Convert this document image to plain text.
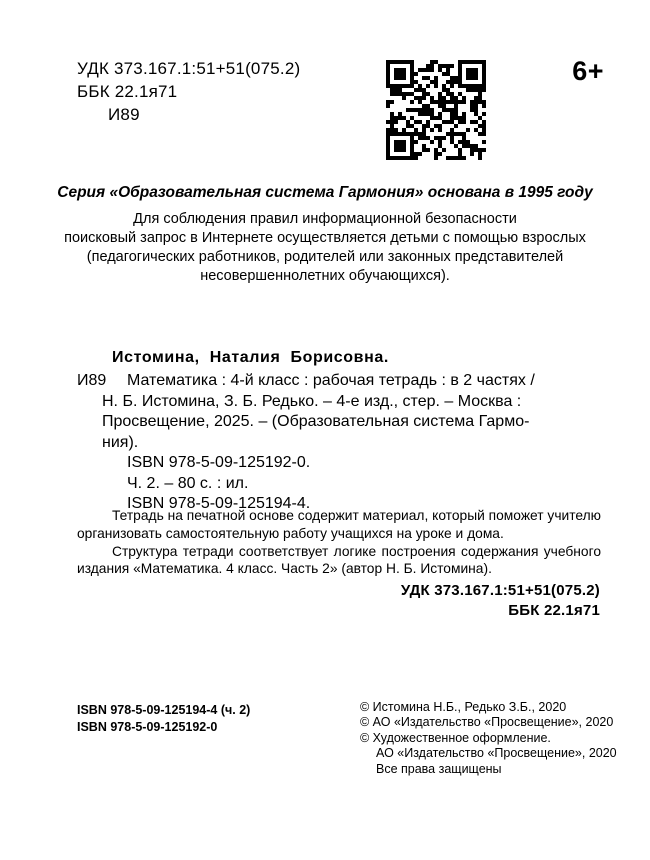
УДК 373.167.1:51+51(075.2)
ББК 22.1я71
И89
6+
Серия «Образовательная система Гармония» основана в 1995 году
Для соблюдения правил информационной безопасности
поисковый запрос в Интернете осуществляется детьми с помощью взрослых
(педагогических работников, родителей или законных представителей
несовершеннолетних обучающихся).
Истомина, Наталия Борисовна.
И89 Математика : 4-й класс : рабочая тетрадь : в 2 частях /
Н. Б. Истомина, З. Б. Редько. – 4-е изд., стер. – Москва :
Просвещение, 2025. – (Образовательная система Гармо-
ния).
ISBN 978-5-09-125192-0.
Ч. 2. – 80 с. : ил.
ISBN 978-5-09-125194-4.

Тетрадь на печатной основе содержит материал, который поможет учителю организовать самостоятельную работу учащихся на уроке и дома.

Структура тетради соответствует логике построения содержания учебного издания «Математика. 4 класс. Часть 2» (автор Н. Б. Истомина).

УДК 373.167.1:51+51(075.2)
ББК 22.1я71
ISBN 978-5-09-125194-4 (ч. 2)
ISBN 978-5-09-125192-0
© Истомина Н.Б., Редько З.Б., 2020
© АО «Издательство «Просвещение», 2020
© Художественное оформление.
АО «Издательство «Просвещение», 2020
Все права защищены
